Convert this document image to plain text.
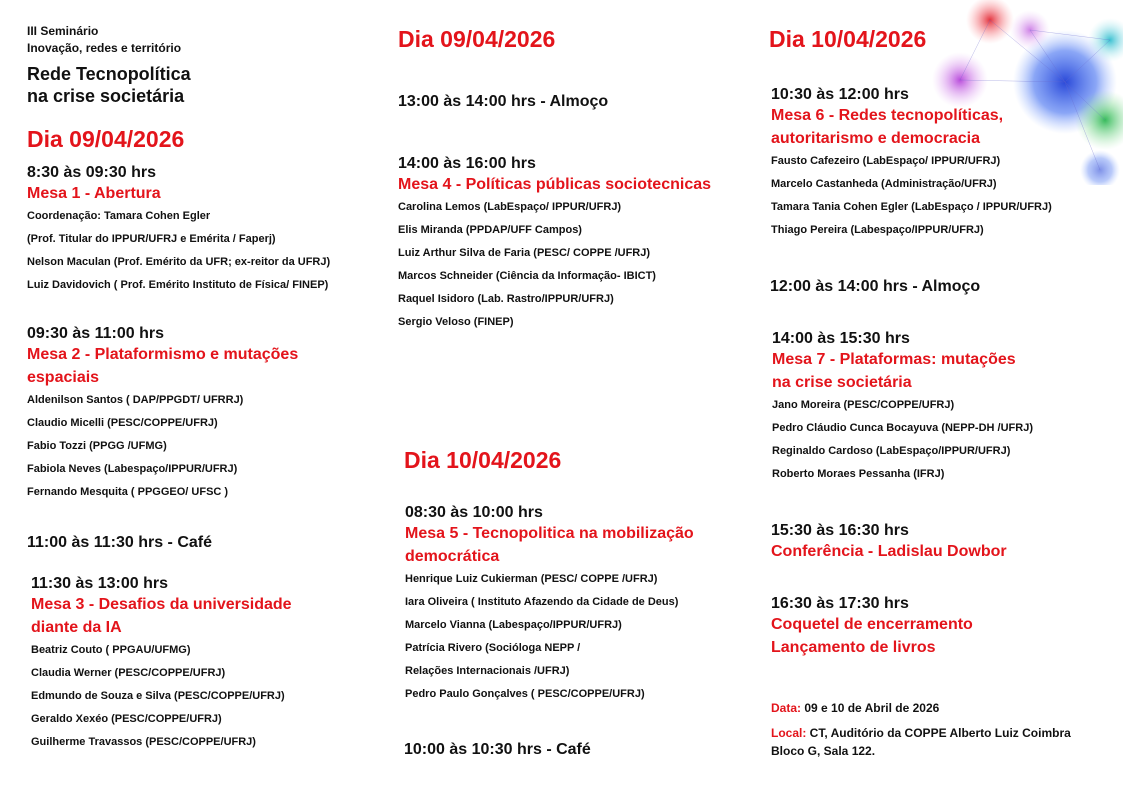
III Seminário
Inovação, redes e território
Rede Tecnopolítica
na crise societária
Dia 09/04/2026
8:30 às 09:30 hrs
Mesa 1 - Abertura
Coordenação: Tamara Cohen Egler
(Prof. Titular do IPPUR/UFRJ e Emérita / Faperj)
Nelson Maculan (Prof. Emérito da UFR; ex-reitor da UFRJ)
Luiz Davidovich ( Prof. Emérito Instituto de Física/ FINEP)
09:30 às 11:00 hrs
Mesa 2 - Plataformismo e mutações
espaciais
Aldenilson Santos ( DAP/PPGDT/ UFRRJ)
Claudio Micelli (PESC/COPPE/UFRJ)
Fabio Tozzi (PPGG /UFMG)
Fabiola Neves (Labespaço/IPPUR/UFRJ)
Fernando Mesquita ( PPGGEO/ UFSC )
11:00 às 11:30 hrs - Café
11:30 às 13:00 hrs
Mesa 3 - Desafios da universidade
diante da IA
Beatriz Couto ( PPGAU/UFMG)
Claudia Werner (PESC/COPPE/UFRJ)
Edmundo de Souza e Silva (PESC/COPPE/UFRJ)
Geraldo Xexéo (PESC/COPPE/UFRJ)
Guilherme Travassos (PESC/COPPE/UFRJ)
Dia 09/04/2026
13:00 às 14:00 hrs - Almoço
14:00 às 16:00 hrs
Mesa 4 - Políticas públicas sociotecnicas
Carolina Lemos (LabEspaço/ IPPUR/UFRJ)
Elis Miranda (PPDAP/UFF Campos)
Luiz Arthur Silva de Faria (PESC/ COPPE /UFRJ)
Marcos Schneider (Ciência da Informação- IBICT)
Raquel Isidoro (Lab. Rastro/IPPUR/UFRJ)
Sergio Veloso (FINEP)
Dia 10/04/2026
08:30 às 10:00 hrs
Mesa 5 - Tecnopolitica na mobilização
democrática
Henrique Luiz Cukierman (PESC/ COPPE /UFRJ)
Iara Oliveira ( Instituto Afazendo da Cidade de Deus)
Marcelo Vianna (Labespaço/IPPUR/UFRJ)
Patrícia Rivero (Socióloga NEPP /
Relações Internacionais /UFRJ)
Pedro Paulo Gonçalves ( PESC/COPPE/UFRJ)
10:00 às 10:30 hrs - Café
Dia 10/04/2026
10:30 às 12:00 hrs
Mesa 6 - Redes tecnopolíticas,
autoritarismo e democracia
Fausto Cafezeiro (LabEspaço/ IPPUR/UFRJ)
Marcelo Castanheda (Administração/UFRJ)
Tamara Tania Cohen Egler (LabEspaço / IPPUR/UFRJ)
Thiago Pereira (Labespaço/IPPUR/UFRJ)
12:00 às 14:00 hrs - Almoço
14:00 às 15:30 hrs
Mesa 7 - Plataformas: mutações
na crise societária
Jano Moreira (PESC/COPPE/UFRJ)
Pedro Cláudio Cunca Bocayuva (NEPP-DH /UFRJ)
Reginaldo Cardoso (LabEspaço/IPPUR/UFRJ)
Roberto Moraes Pessanha (IFRJ)
15:30 às 16:30 hrs
Conferência - Ladislau Dowbor
16:30 às 17:30 hrs
Coquetel de encerramento
Lançamento de livros
Data: 09 e 10 de Abril de 2026
Local: CT, Auditório da COPPE Alberto Luiz Coimbra
Bloco G, Sala 122.
